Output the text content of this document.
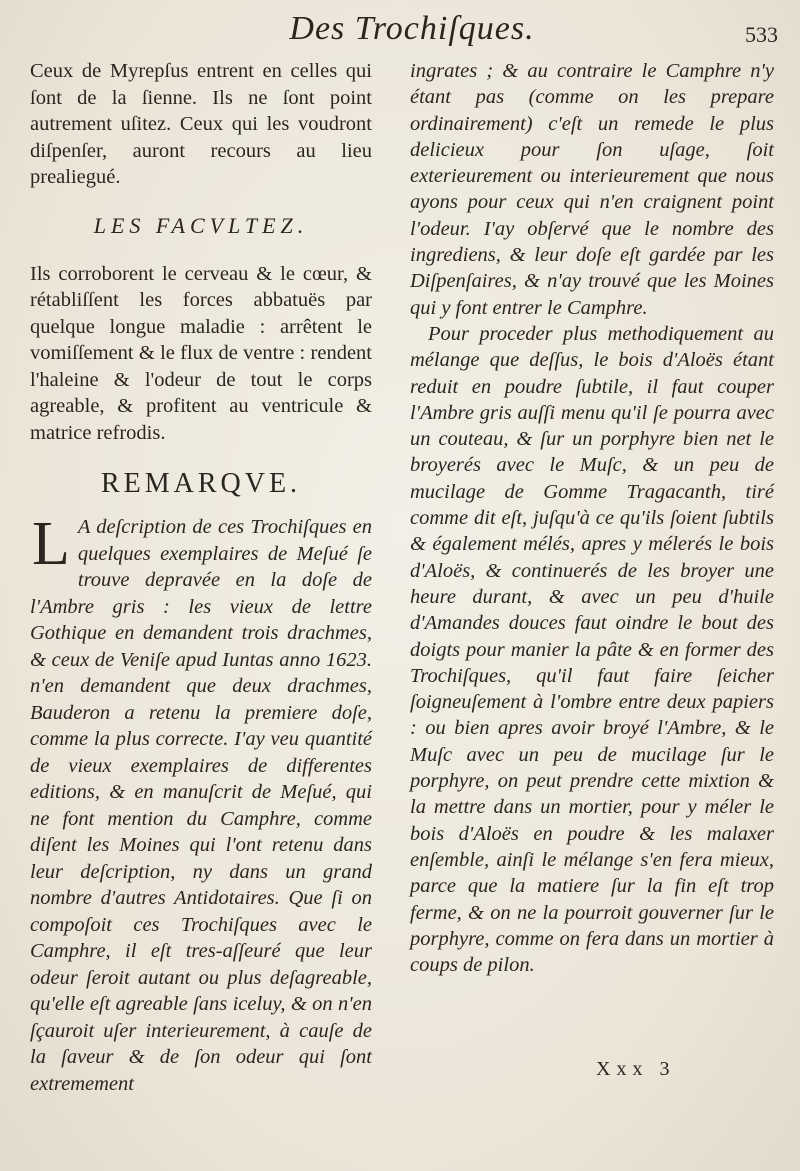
Des Trochiſques.	533

Ceux de Myrepſus entrent en celles qui ſont de la ſienne. Ils ne ſont point autrement uſitez. Ceux qui les voudront diſpenſer, auront recours au lieu prealiegué.

LES FACVLTEZ.

Ils corroborent le cerveau & le cœur, & rétabliſſent les forces abbatuës par quelque longue maladie : arrêtent le vomiſſement & le flux de ventre : rendent l'haleine & l'odeur de tout le corps agreable, & profitent au ventricule & matrice refrodis.

REMARQVE.
L A deſcription de ces Trochiſques en quelques exemplaires de Meſué ſe trouve depravée en la doſe de l'Ambre gris : les vieux de lettre Gothique en demandent trois drachmes, & ceux de Veniſe apud Iuntas anno 1623. n'en demandent que deux drachmes, Bauderon a retenu la premiere doſe, comme la plus correcte. I'ay veu quantité de vieux exemplaires de differentes editions, & en manuſcrit de Meſué, qui ne font mention du Camphre, comme diſent les Moines qui l'ont retenu dans leur deſcription, ny dans un grand nombre d'autres Antidotaires. Que ſi on compoſoit ces Trochiſques avec le Camphre, il eſt tres-aſſeuré que leur odeur ſeroit autant ou plus deſagreable, qu'elle eſt agreable ſans iceluy, & on n'en ſçauroit uſer interieurement, à cauſe de la ſaveur & de ſon odeur qui ſont extremement

ingrates ; & au contraire le Camphre n'y étant pas (comme on les prepare ordinairement) c'eſt un remede le plus delicieux pour ſon uſage, ſoit exterieurement ou interieurement que nous ayons pour ceux qui n'en craignent point l'odeur. I'ay obſervé que le nombre des ingrediens, & leur doſe eſt gardée par les Diſpenſaires, & n'ay trouvé que les Moines qui y font entrer le Camphre.

Pour proceder plus methodiquement au mélange que deſſus, le bois d'Aloës étant reduit en poudre ſubtile, il faut couper l'Ambre gris auſſi menu qu'il ſe pourra avec un couteau, & ſur un porphyre bien net le broyerés avec le Muſc, & un peu de mucilage de Gomme Tragacanth, tiré comme dit eſt, juſqu'à ce qu'ils ſoient ſubtils & également mélés, apres y mélerés le bois d'Aloës, & continuerés de les broyer une heure durant, & avec un peu d'huile d'Amandes douces faut oindre le bout des doigts pour manier la pâte & en former des Trochiſques, qu'il faut faire ſeicher ſoigneuſement à l'ombre entre deux papiers : ou bien apres avoir broyé l'Ambre, & le Muſc avec un peu de mucilage ſur le porphyre, on peut prendre cette mixtion & la mettre dans un mortier, pour y méler le bois d'Aloës en poudre & les malaxer enſemble, ainſi le mélange s'en fera mieux, parce que la matiere ſur la fin eſt trop ferme, & on ne la pourroit gouverner ſur le porphyre, comme on fera dans un mortier à coups de pilon.

Xxx 3
